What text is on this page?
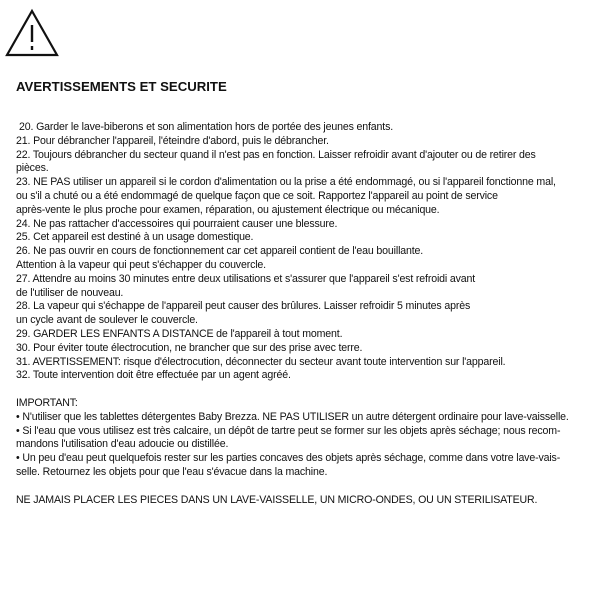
AVERTISSEMENTS ET SECURITE
20. Garder le lave-biberons et son alimentation hors de portée des jeunes enfants.
21. Pour débrancher l'appareil, l'éteindre d'abord, puis le débrancher.
22. Toujours débrancher du secteur quand il n'est pas en fonction. Laisser refroidir avant d'ajouter ou de retirer des
pièces.
23. NE PAS utiliser un appareil si le cordon d'alimentation ou la prise a été endommagé, ou si l'appareil fonctionne mal,
ou s'il a chuté ou a été endommagé de quelque façon que ce soit. Rapportez l'appareil au point de service
après-vente le plus proche pour examen, réparation, ou ajustement électrique ou mécanique.
24. Ne pas rattacher d'accessoires qui pourraient causer une blessure.
25. Cet appareil est destiné à un usage domestique.
26. Ne pas ouvrir en cours de fonctionnement car cet appareil contient de l'eau bouillante.
Attention à la vapeur qui peut s'échapper du couvercle.
27. Attendre au moins 30 minutes entre deux utilisations et s'assurer que l'appareil s'est refroidi avant
de l'utiliser de nouveau.
28. La vapeur qui s'échappe de l'appareil peut causer des brûlures. Laisser refroidir 5 minutes après
un cycle avant de soulever le couvercle.
29. GARDER LES ENFANTS A DISTANCE de l'appareil à tout moment.
30. Pour éviter toute électrocution, ne brancher que sur des prise avec terre.
31. AVERTISSEMENT: risque d'électrocution, déconnecter du secteur avant toute intervention sur l'appareil.
32. Toute intervention doit être effectuée par un agent agréé.
IMPORTANT:
• N'utiliser que les tablettes détergentes Baby Brezza. NE PAS UTILISER un autre détergent ordinaire pour lave-vaisselle.
• Si l'eau que vous utilisez est très calcaire, un dépôt de tartre peut se former sur les objets après séchage; nous recom-
mandons l'utilisation d'eau adoucie ou distillée.
• Un peu d'eau peut quelquefois rester sur les parties concaves des objets après séchage, comme dans votre lave-vais-
selle. Retournez les objets pour que l'eau s'évacue dans la machine.
NE JAMAIS PLACER LES PIECES DANS UN LAVE-VAISSELLE, UN MICRO-ONDES, OU UN STERILISATEUR.
